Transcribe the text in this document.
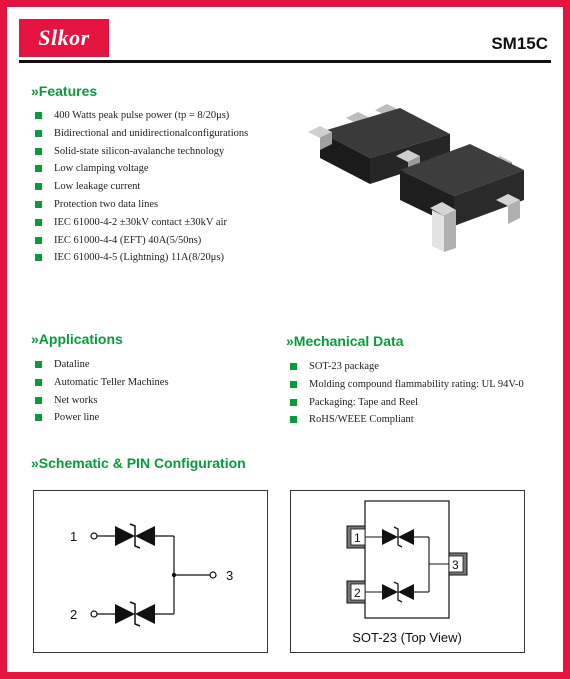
Slkor	SM15C
»Features
400 Watts peak pulse power (tp = 8/20μs)
Bidirectional and unidirectionalconfigurations
Solid-state silicon-avalanche technology
Low clamping voltage
Low leakage current
Protection two data lines
IEC 61000-4-2 ±30kV contact ±30kV air
IEC 61000-4-4 (EFT) 40A(5/50ns)
IEC 61000-4-5 (Lightning) 11A(8/20μs)
»Applications
Dataline
Automatic Teller Machines
Net works
Power line
»Mechanical Data
SOT-23 package
Molding compound flammability rating: UL 94V-0
Packaging: Tape and Reel
RoHS/WEEE Compliant
»Schematic & PIN Configuration
1
2
3
1
2
3
SOT-23 (Top View)
